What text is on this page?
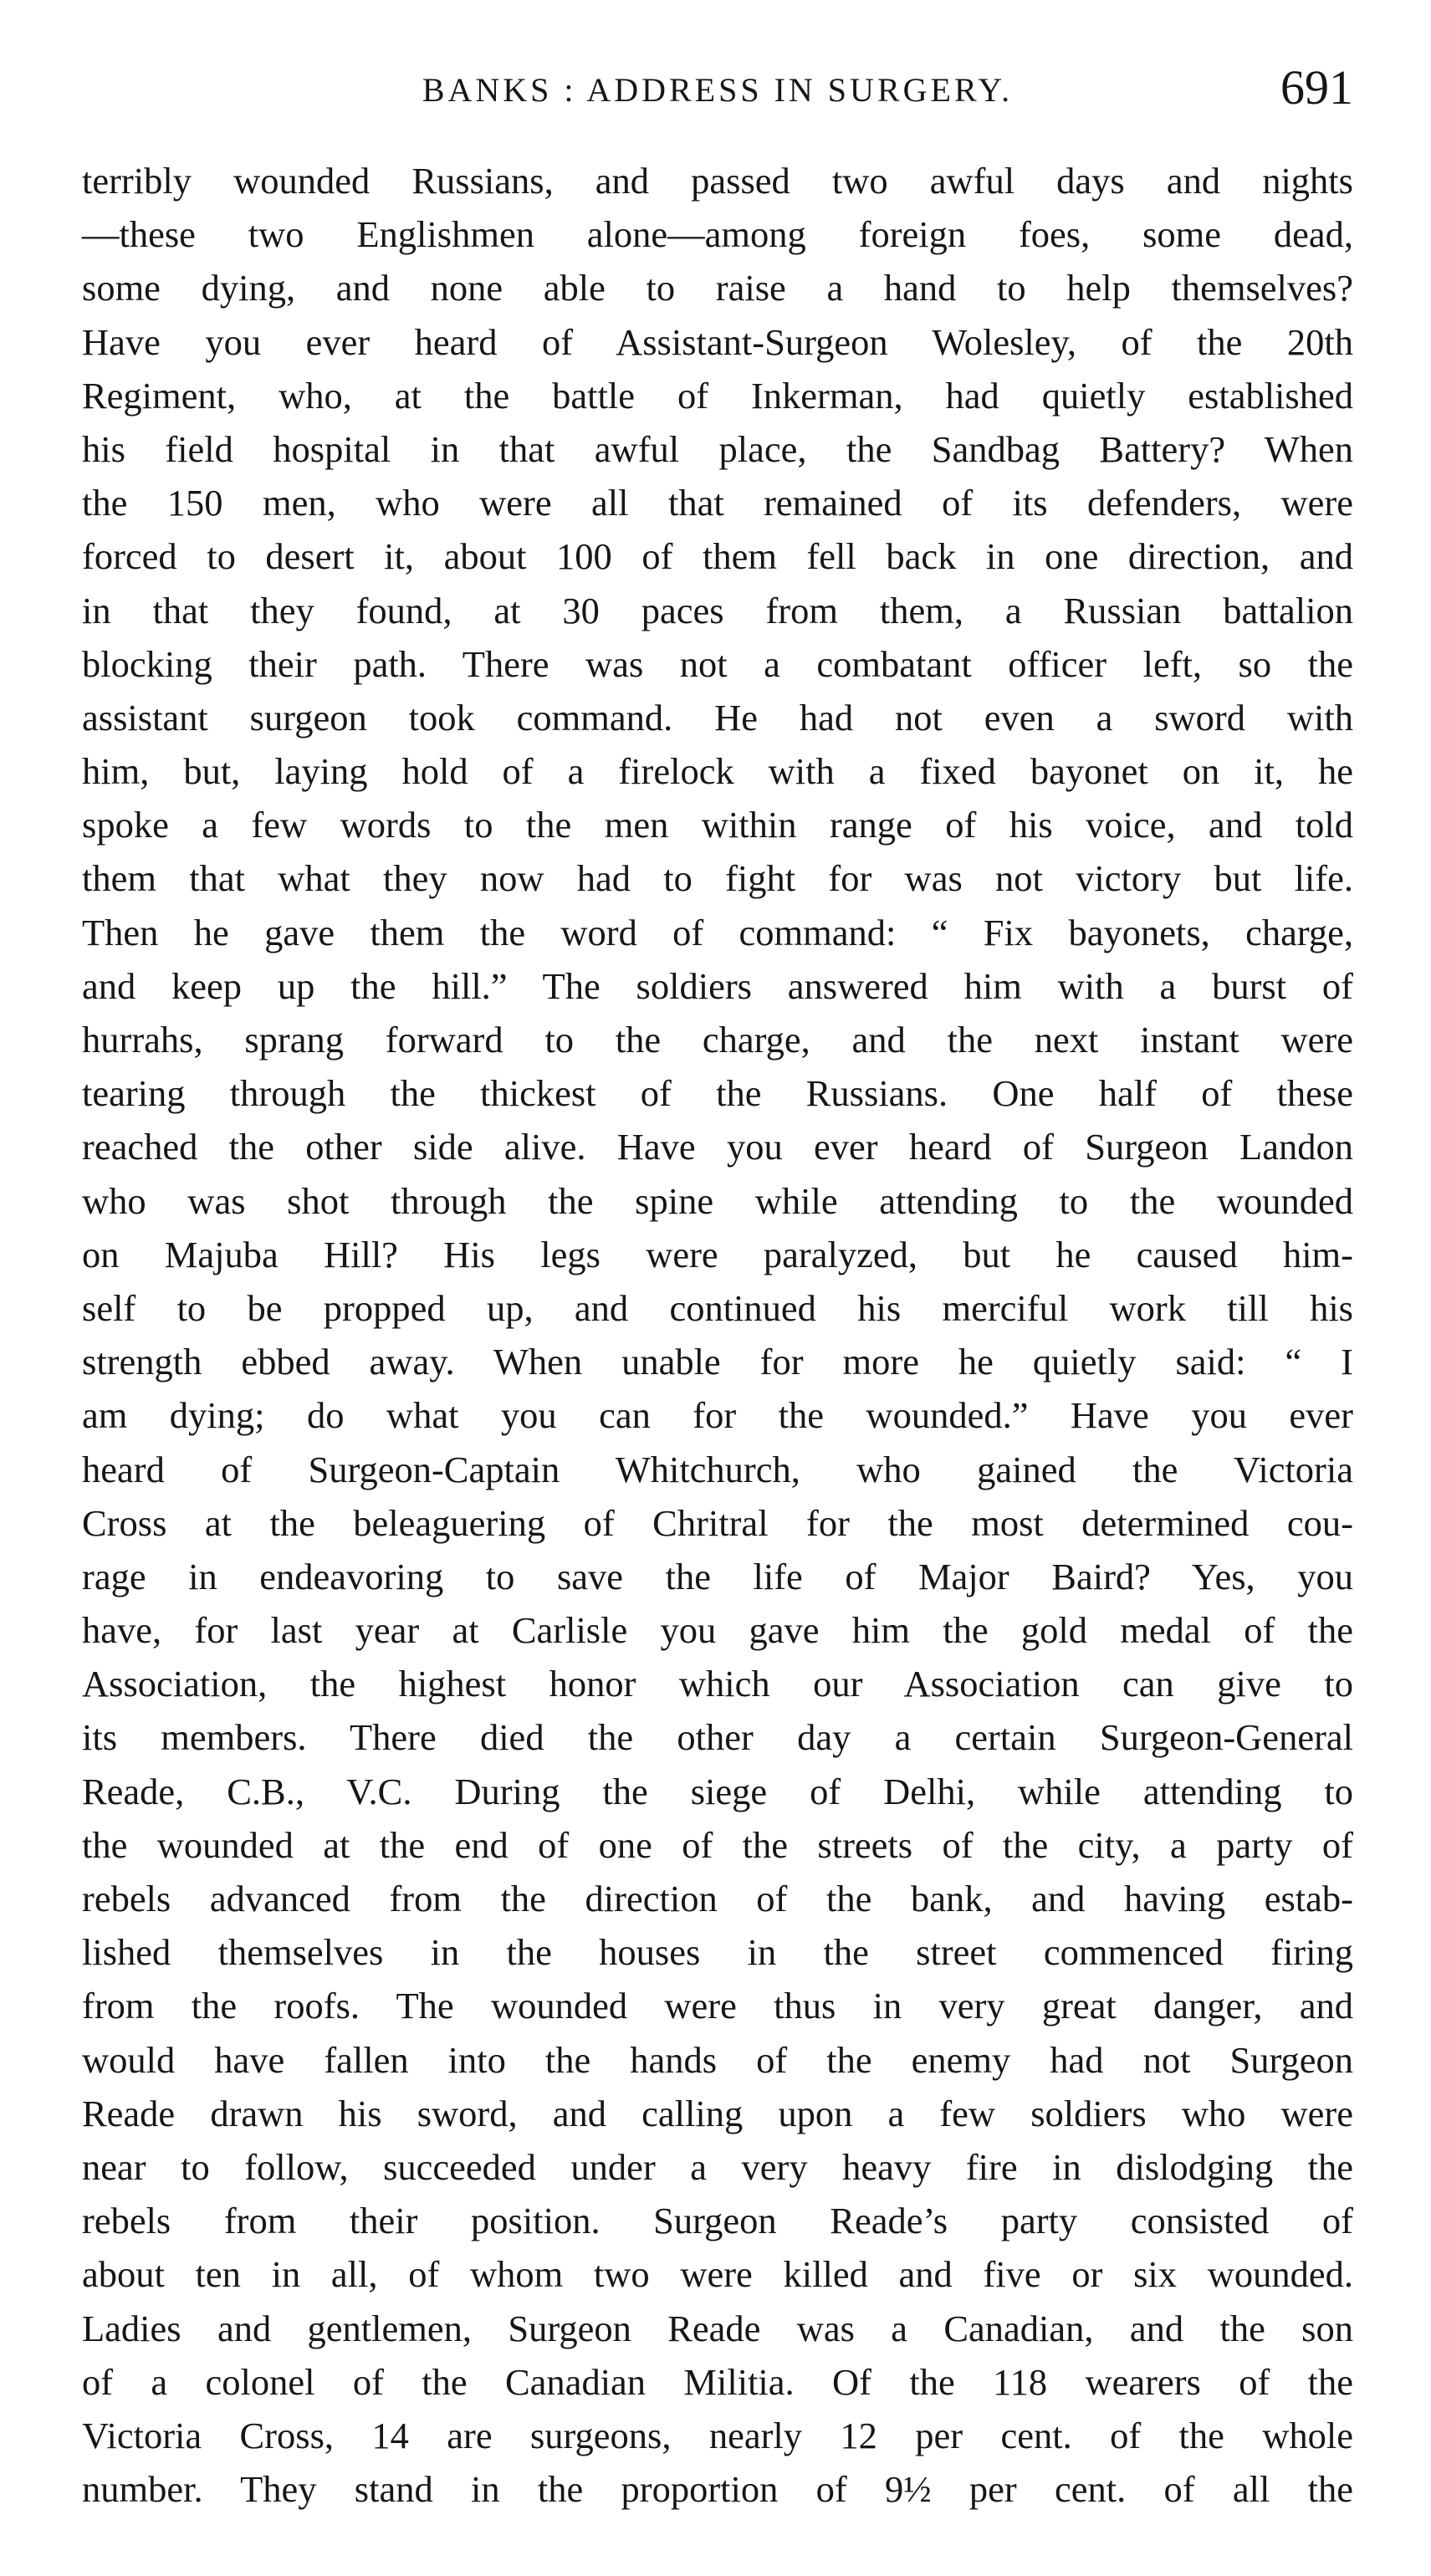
BANKS : ADDRESS IN SURGERY.	691
terribly wounded Russians, and passed two awful days and nights
—these two Englishmen alone—among foreign foes, some dead,
some dying, and none able to raise a hand to help themselves?
Have you ever heard of Assistant-Surgeon Wolesley, of the 20th
Regiment, who, at the battle of Inkerman, had quietly established
his field hospital in that awful place, the Sandbag Battery? When
the 150 men, who were all that remained of its defenders, were
forced to desert it, about 100 of them fell back in one direction, and
in that they found, at 30 paces from them, a Russian battalion
blocking their path. There was not a combatant officer left, so the
assistant surgeon took command. He had not even a sword with
him, but, laying hold of a firelock with a fixed bayonet on it, he
spoke a few words to the men within range of his voice, and told
them that what they now had to fight for was not victory but life.
Then he gave them the word of command: “ Fix bayonets, charge,
and keep up the hill.” The soldiers answered him with a burst of
hurrahs, sprang forward to the charge, and the next instant were
tearing through the thickest of the Russians. One half of these
reached the other side alive. Have you ever heard of Surgeon Landon
who was shot through the spine while attending to the wounded
on Majuba Hill? His legs were paralyzed, but he caused him-
self to be propped up, and continued his merciful work till his
strength ebbed away. When unable for more he quietly said: “ I
am dying; do what you can for the wounded.” Have you ever
heard of Surgeon-Captain Whitchurch, who gained the Victoria
Cross at the beleaguering of Chritral for the most determined cou-
rage in endeavoring to save the life of Major Baird? Yes, you
have, for last year at Carlisle you gave him the gold medal of the
Association, the highest honor which our Association can give to
its members. There died the other day a certain Surgeon-General
Reade, C.B., V.C. During the siege of Delhi, while attending to
the wounded at the end of one of the streets of the city, a party of
rebels advanced from the direction of the bank, and having estab-
lished themselves in the houses in the street commenced firing
from the roofs. The wounded were thus in very great danger, and
would have fallen into the hands of the enemy had not Surgeon
Reade drawn his sword, and calling upon a few soldiers who were
near to follow, succeeded under a very heavy fire in dislodging the
rebels from their position. Surgeon Reade’s party consisted of
about ten in all, of whom two were killed and five or six wounded.
Ladies and gentlemen, Surgeon Reade was a Canadian, and the son
of a colonel of the Canadian Militia. Of the 118 wearers of the
Victoria Cross, 14 are surgeons, nearly 12 per cent. of the whole
number. They stand in the proportion of 9½ per cent. of all the
